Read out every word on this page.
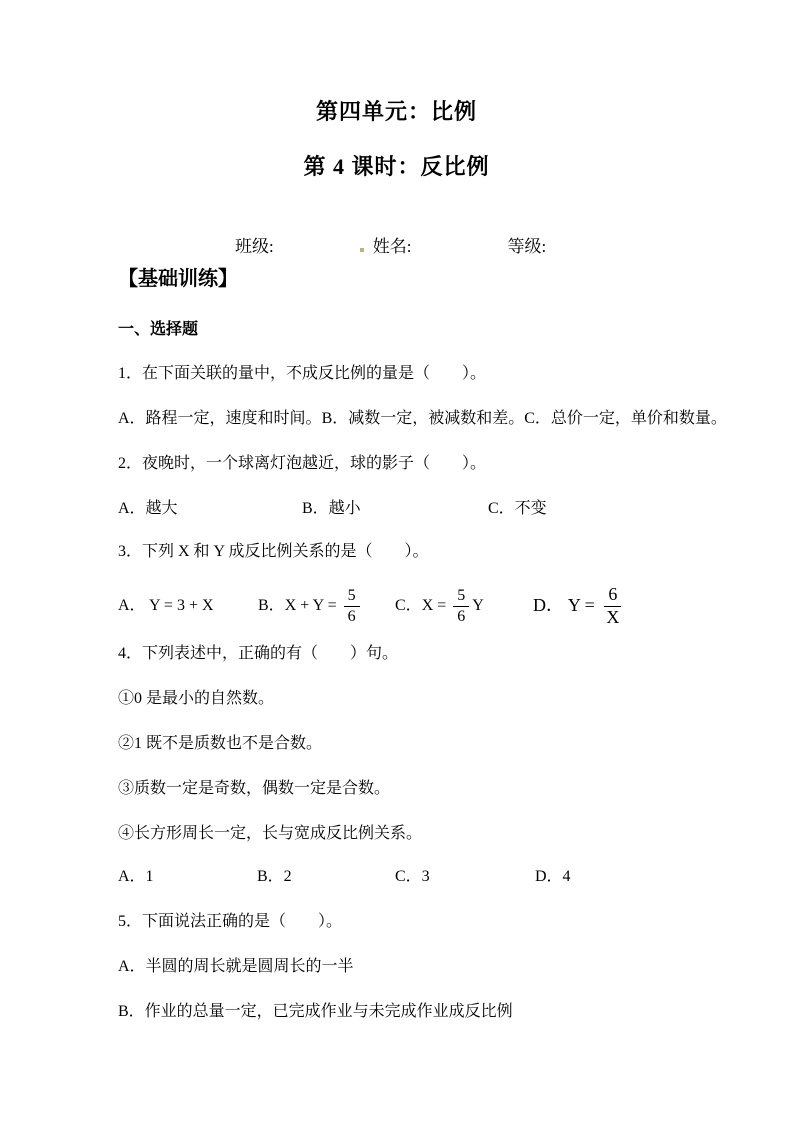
第四单元：比例
第 4 课时：反比例

班级:	姓名:	等级:

【基础训练】
一、选择题
1．在下面关联的量中，不成反比例的量是（        ）。
A．路程一定，速度和时间。 B．减数一定，被减数和差。 C．总价一定，单价和数量。
2．夜晚时，一个球离灯泡越近，球的影子（        ）。

A．越大

	B．越小

	C．不变

3．下列 X 和 Y 成反比例关系的是（        ）。

A． Y = 3 + X

	B． $X + Y = \frac{5}{6}$

C． $X = \frac{5}{6}$ Y

	D． $Y = \frac{6}{X}$

4．下列表述中，正确的有（        ）句。
①0 是最小的自然数。
②1 既不是质数也不是合数。
③质数一定是奇数，偶数一定是合数。
④长方形周长一定，长与宽成反比例关系。

A．1

	B．2

	C．3

	D．4

5．下面说法正确的是（        ）。
A．半圆的周长就是圆周长的一半
B．作业的总量一定，已完成作业与未完成作业成反比例
